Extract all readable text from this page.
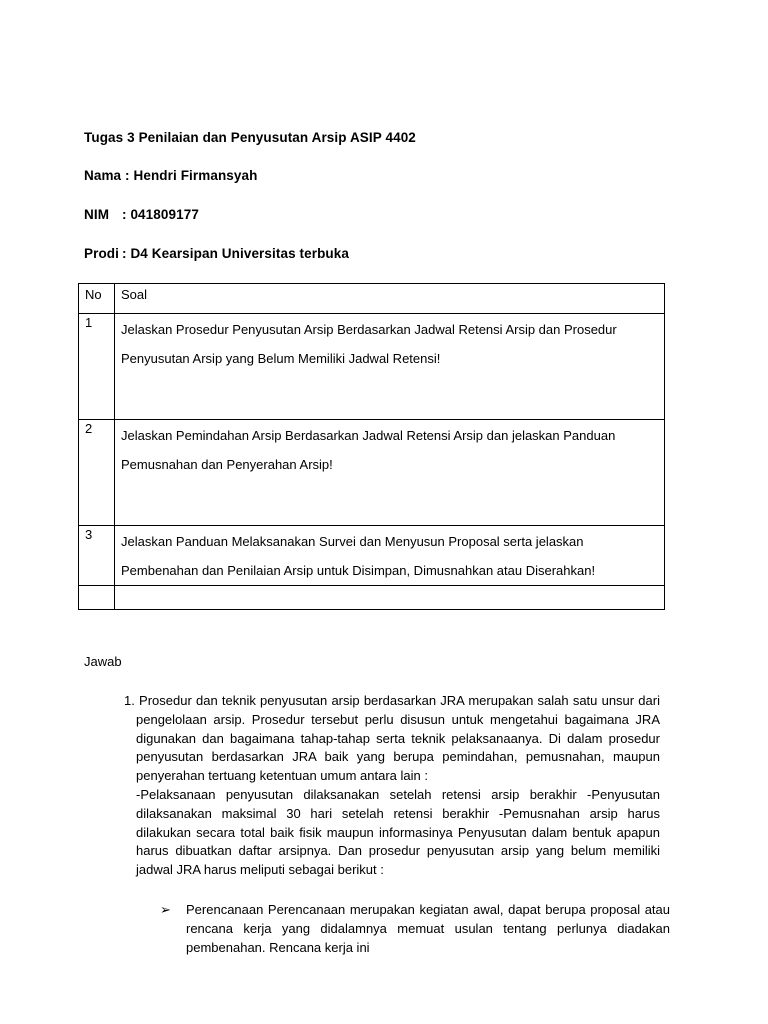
Tugas 3 Penilaian dan Penyusutan Arsip ASIP 4402
Nama : Hendri Firmansyah
NIM : 041809177
Prodi : D4 Kearsipan Universitas terbuka
No	Soal
1	Jelaskan Prosedur Penyusutan Arsip Berdasarkan Jadwal Retensi Arsip dan Prosedur
Penyusutan Arsip yang Belum Memiliki Jadwal Retensi!

2	Jelaskan Pemindahan Arsip Berdasarkan Jadwal Retensi Arsip dan jelaskan Panduan
Pemusnahan dan Penyerahan Arsip!

3	Jelaskan Panduan Melaksanakan Survei dan Menyusun Proposal serta jelaskan
Pembenahan dan Penilaian Arsip untuk Disimpan, Dimusnahkan atau Diserahkan!

Jawab

1. Prosedur dan teknik penyusutan arsip berdasarkan JRA merupakan salah satu unsur dari pengelolaan arsip. Prosedur tersebut perlu disusun untuk mengetahui bagaimana JRA digunakan dan bagaimana tahap-tahap serta teknik pelaksanaanya. Di dalam prosedur penyusutan berdasarkan JRA baik yang berupa pemindahan, pemusnahan, maupun penyerahan tertuang ketentuan umum antara lain :

-Pelaksanaan penyusutan dilaksanakan setelah retensi arsip berakhir -Penyusutan dilaksanakan maksimal 30 hari setelah retensi berakhir -Pemusnahan arsip harus dilakukan secara total baik fisik maupun informasinya Penyusutan dalam bentuk apapun harus dibuatkan daftar arsipnya. Dan prosedur penyusutan arsip yang belum memiliki jadwal JRA harus meliputi sebagai berikut :

➢ Perencanaan Perencanaan merupakan kegiatan awal, dapat berupa proposal atau rencana kerja yang didalamnya memuat usulan tentang perlunya diadakan pembenahan. Rencana kerja ini
